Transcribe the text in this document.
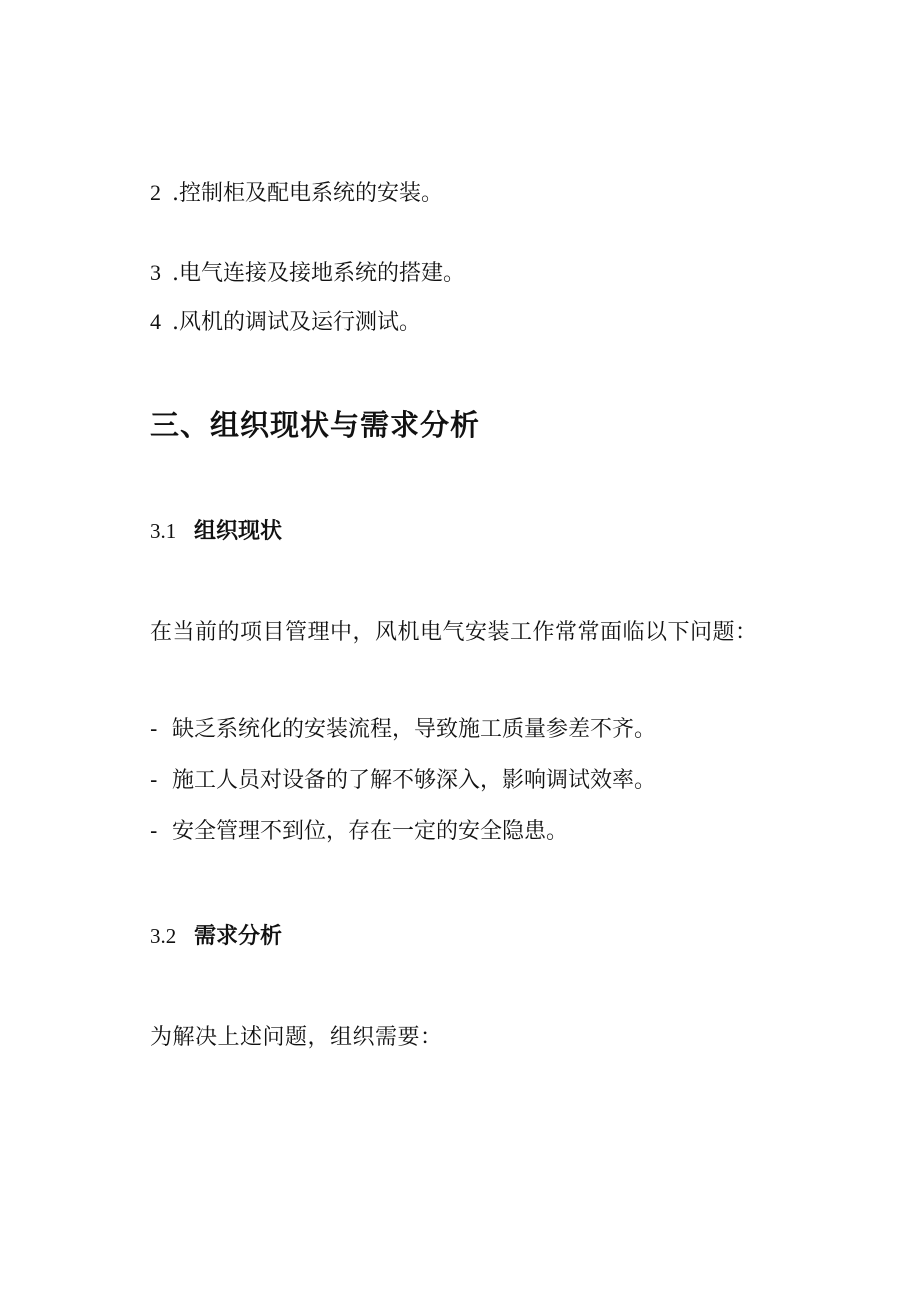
2 .控制柜及配电系统的安装。
3 .电气连接及接地系统的搭建。
4 .风机的调试及运行测试。
三、组织现状与需求分析
3.1 组织现状
在当前的项目管理中，风机电气安装工作常常面临以下问题：
- 缺乏系统化的安装流程，导致施工质量参差不齐。
- 施工人员对设备的了解不够深入，影响调试效率。
- 安全管理不到位，存在一定的安全隐患。
3.2 需求分析
为解决上述问题，组织需要：
